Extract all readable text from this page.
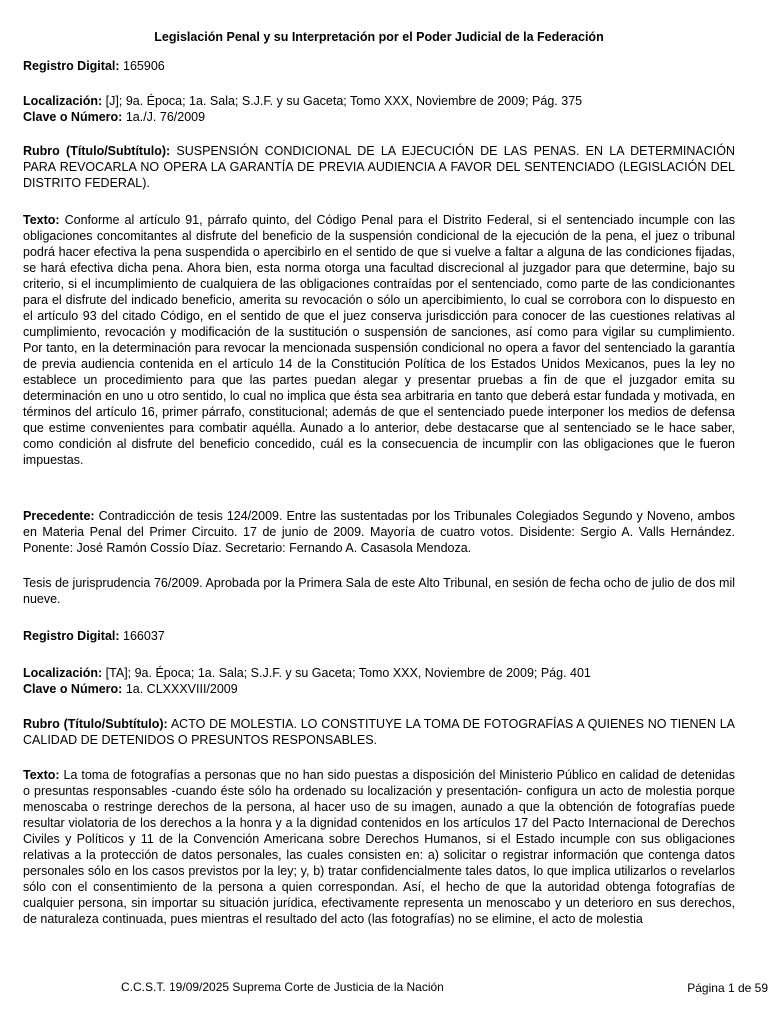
Legislación Penal y su Interpretación por el Poder Judicial de la Federación
Registro Digital: 165906
Localización: [J]; 9a. Época; 1a. Sala; S.J.F. y su Gaceta; Tomo XXX, Noviembre de 2009; Pág. 375
Clave o Número: 1a./J. 76/2009
Rubro (Título/Subtítulo): SUSPENSIÓN CONDICIONAL DE LA EJECUCIÓN DE LAS PENAS. EN LA DETERMINACIÓN PARA REVOCARLA NO OPERA LA GARANTÍA DE PREVIA AUDIENCIA A FAVOR DEL SENTENCIADO (LEGISLACIÓN DEL DISTRITO FEDERAL).
Texto: Conforme al artículo 91, párrafo quinto, del Código Penal para el Distrito Federal, si el sentenciado incumple con las obligaciones concomitantes al disfrute del beneficio de la suspensión condicional de la ejecución de la pena, el juez o tribunal podrá hacer efectiva la pena suspendida o apercibirlo en el sentido de que si vuelve a faltar a alguna de las condiciones fijadas, se hará efectiva dicha pena. Ahora bien, esta norma otorga una facultad discrecional al juzgador para que determine, bajo su criterio, si el incumplimiento de cualquiera de las obligaciones contraídas por el sentenciado, como parte de las condicionantes para el disfrute del indicado beneficio, amerita su revocación o sólo un apercibimiento, lo cual se corrobora con lo dispuesto en el artículo 93 del citado Código, en el sentido de que el juez conserva jurisdicción para conocer de las cuestiones relativas al cumplimiento, revocación y modificación de la sustitución o suspensión de sanciones, así como para vigilar su cumplimiento. Por tanto, en la determinación para revocar la mencionada suspensión condicional no opera a favor del sentenciado la garantía de previa audiencia contenida en el artículo 14 de la Constitución Política de los Estados Unidos Mexicanos, pues la ley no establece un procedimiento para que las partes puedan alegar y presentar pruebas a fin de que el juzgador emita su determinación en uno u otro sentido, lo cual no implica que ésta sea arbitraria en tanto que deberá estar fundada y motivada, en términos del artículo 16, primer párrafo, constitucional; además de que el sentenciado puede interponer los medios de defensa que estime convenientes para combatir aquélla. Aunado a lo anterior, debe destacarse que al sentenciado se le hace saber, como condición al disfrute del beneficio concedido, cuál es la consecuencia de incumplir con las obligaciones que le fueron impuestas.
Precedente: Contradicción de tesis 124/2009. Entre las sustentadas por los Tribunales Colegiados Segundo y Noveno, ambos en Materia Penal del Primer Circuito. 17 de junio de 2009. Mayoría de cuatro votos. Disidente: Sergio A. Valls Hernández. Ponente: José Ramón Cossío Díaz. Secretario: Fernando A. Casasola Mendoza.
Tesis de jurisprudencia 76/2009. Aprobada por la Primera Sala de este Alto Tribunal, en sesión de fecha ocho de julio de dos mil nueve.
Registro Digital: 166037
Localización: [TA]; 9a. Época; 1a. Sala; S.J.F. y su Gaceta; Tomo XXX, Noviembre de 2009; Pág. 401
Clave o Número: 1a. CLXXXVIII/2009
Rubro (Título/Subtítulo): ACTO DE MOLESTIA. LO CONSTITUYE LA TOMA DE FOTOGRAFÍAS A QUIENES NO TIENEN LA CALIDAD DE DETENIDOS O PRESUNTOS RESPONSABLES.
Texto: La toma de fotografías a personas que no han sido puestas a disposición del Ministerio Público en calidad de detenidas o presuntas responsables -cuando éste sólo ha ordenado su localización y presentación- configura un acto de molestia porque menoscaba o restringe derechos de la persona, al hacer uso de su imagen, aunado a que la obtención de fotografías puede resultar violatoria de los derechos a la honra y a la dignidad contenidos en los artículos 17 del Pacto Internacional de Derechos Civiles y Políticos y 11 de la Convención Americana sobre Derechos Humanos, si el Estado incumple con sus obligaciones relativas a la protección de datos personales, las cuales consisten en: a) solicitar o registrar información que contenga datos personales sólo en los casos previstos por la ley; y, b) tratar confidencialmente tales datos, lo que implica utilizarlos o revelarlos sólo con el consentimiento de la persona a quien correspondan. Así, el hecho de que la autoridad obtenga fotografías de cualquier persona, sin importar su situación jurídica, efectivamente representa un menoscabo y un deterioro en sus derechos, de naturaleza continuada, pues mientras el resultado del acto (las fotografías) no se elimine, el acto de molestia
C.C.S.T. 19/09/2025 Suprema Corte de Justicia de la Nación	Página 1 de 59
